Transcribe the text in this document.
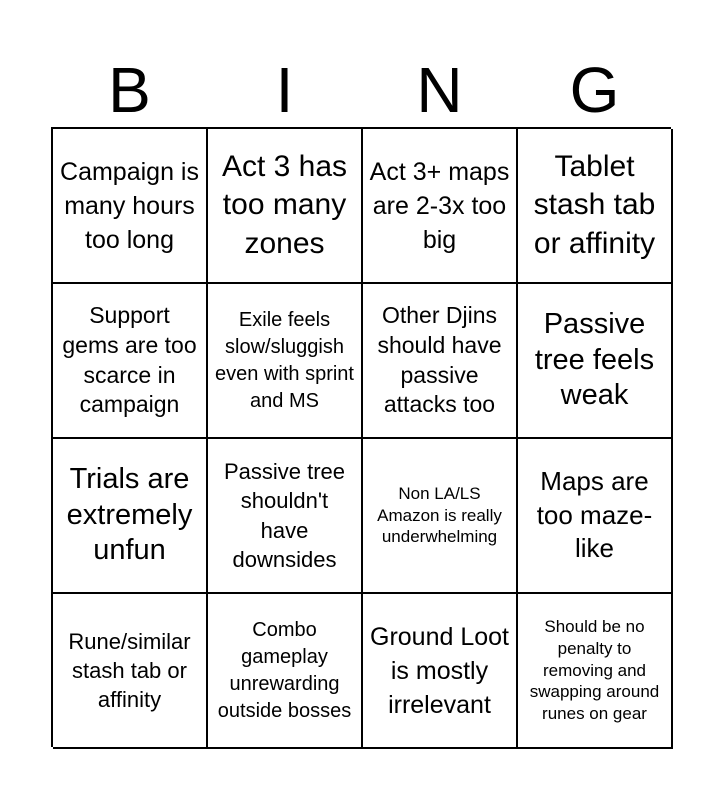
B	I	N	G
Campaign is many hours too long
Act 3 has too many zones
Act 3+ maps are 2-3x too big
Tablet stash tab or affinity
Support gems are too scarce in campaign
Exile feels slow/sluggish even with sprint and MS
Other Djins should have passive attacks too
Passive tree feels weak
Trials are extremely unfun
Passive tree shouldn't have downsides
Non LA/LS Amazon is really underwhelming
Maps are too maze-like
Rune/similar stash tab or affinity
Combo gameplay unrewarding outside bosses
Ground Loot is mostly irrelevant
Should be no penalty to removing and swapping around runes on gear
